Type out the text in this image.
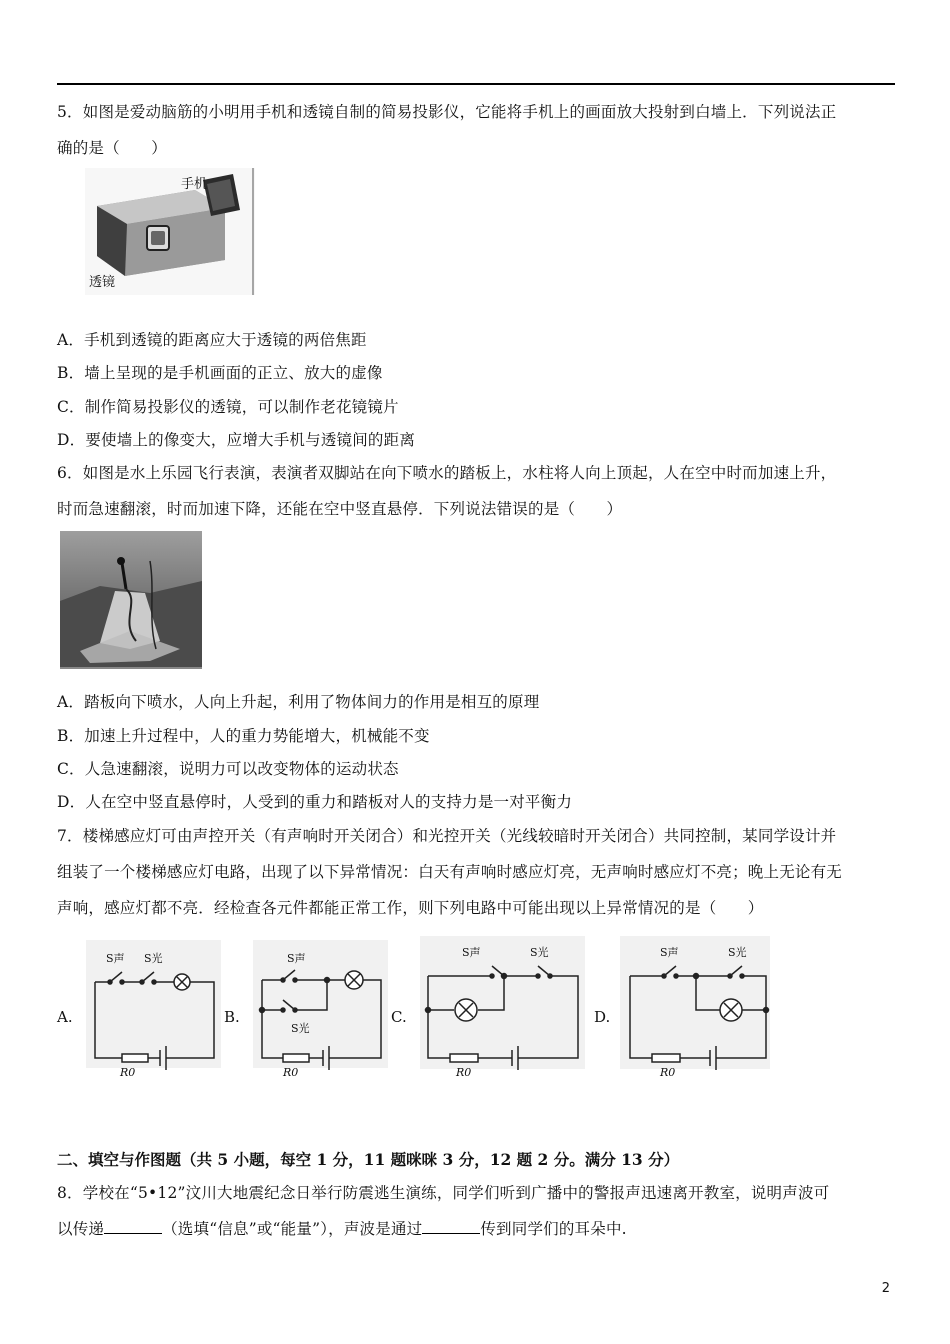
5．如图是爱动脑筋的小明用手机和透镜自制的简易投影仪，它能将手机上的画面放大投射到白墙上．下列说法正
确的是（　　）
手机
透镜
A．手机到透镜的距离应大于透镜的两倍焦距
B．墙上呈现的是手机画面的正立、放大的虚像
C．制作简易投影仪的透镜，可以制作老花镜镜片
D．要使墙上的像变大，应增大手机与透镜间的距离
6．如图是水上乐园飞行表演，表演者双脚站在向下喷水的踏板上，水柱将人向上顶起，人在空中时而加速上升，
时而急速翻滚，时而加速下降，还能在空中竖直悬停．下列说法错误的是（　　）
A．踏板向下喷水，人向上升起，利用了物体间力的作用是相互的原理
B．加速上升过程中，人的重力势能增大，机械能不变
C．人急速翻滚，说明力可以改变物体的运动状态
D．人在空中竖直悬停时，人受到的重力和踏板对人的支持力是一对平衡力
7．楼梯感应灯可由声控开关（有声响时开关闭合）和光控开关（光线较暗时开关闭合）共同控制，某同学设计并
组装了一个楼梯感应灯电路，出现了以下异常情况：白天有声响时感应灯亮，无声响时感应灯不亮；晚上无论有无
声响，感应灯都不亮．经检查各元件都能正常工作，则下列电路中可能出现以上异常情况的是（　　）
A.	B.	C.	D.
S声 S光
R0
S声
S光
R0
S声	S光
R0
S声	S光
R0
二、填空与作图题（共 5 小题，每空 1 分，11 题咪咪 3 分，12 题 2 分。满分 13 分）
8．学校在“5•12”汶川大地震纪念日举行防震逃生演练，同学们听到广播中的警报声迅速离开教室，说明声波可
以传递	（选填“信息”或“能量”），声波是通过	传到同学们的耳朵中.
2
